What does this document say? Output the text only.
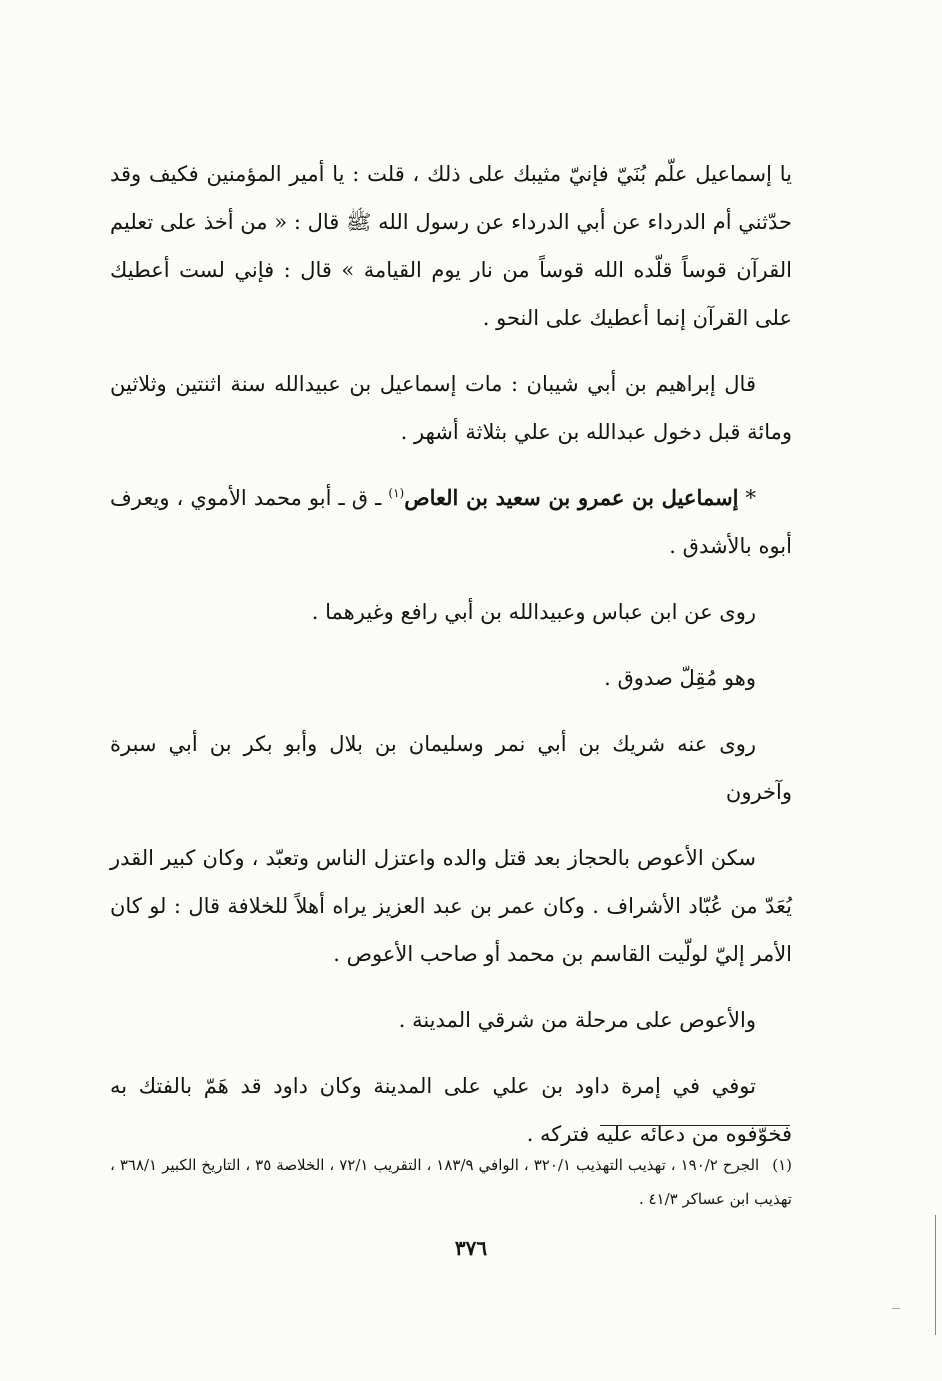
يا إسماعيل علّم بُنَيّ فإنيّ مثيبك على ذلك ، قلت : يا أمير المؤمنين فكيف وقد حدّثني أم الدرداء عن أبي الدرداء عن رسول الله ﷺ قال : « من أخذ على تعليم القرآن قوساً قلّده الله قوساً من نار يوم القيامة » قال : فإني لست أعطيك على القرآن إنما أعطيك على النحو .

قال إبراهيم بن أبي شيبان : مات إسماعيل بن عبيدالله سنة اثنتين وثلاثين ومائة قبل دخول عبدالله بن علي بثلاثة أشهر .

* إسماعيل بن عمرو بن سعيد بن العاص$^{(١)}$ ـ ق ـ أبو محمد الأموي ، ويعرف أبوه بالأشدق .

روى عن ابن عباس وعبيدالله بن أبي رافع وغيرهما .

وهو مُقِلّ صدوق .

روى عنه شريك بن أبي نمر وسليمان بن بلال وأبو بكر بن أبي سبرة وآخرون

سكن الأعوص بالحجاز بعد قتل والده واعتزل الناس وتعبّد ، وكان كبير القدر يُعَدّ من عُبّاد الأشراف . وكان عمر بن عبد العزيز يراه أهلاً للخلافة قال : لو كان الأمر إليّ لولّيت القاسم بن محمد أو صاحب الأعوص .

والأعوص على مرحلة من شرقي المدينة .

توفي في إمرة داود بن علي على المدينة وكان داود قد هَمّ بالفتك به فخوّفوه من دعائه عليه فتركه .

(١) الجرح ١٩٠/٢ ، تهذيب التهذيب ٣٢٠/١ ، الوافي ١٨٣/٩ ، التقريب ٧٢/١ ، الخلاصة ٣٥ ، التاريخ الكبير ٣٦٨/١ ، تهذيب ابن عساكر ٤١/٣ .
٣٧٦
